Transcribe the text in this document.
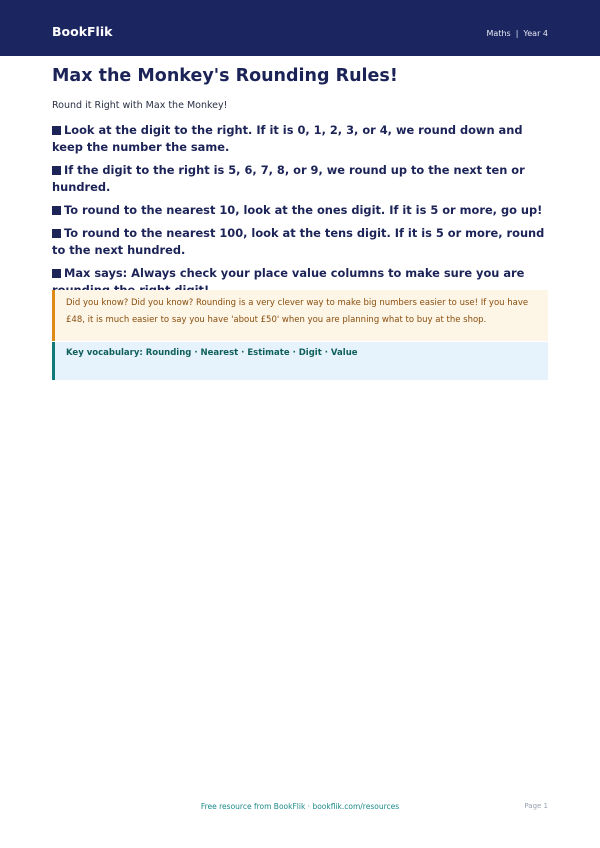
BookFlik	Maths | Year 4
Max the Monkey's Rounding Rules!

Round it Right with Max the Monkey!

Look at the digit to the right. If it is 0, 1, 2, 3, or 4, we round down and keep the number the same.
If the digit to the right is 5, 6, 7, 8, or 9, we round up to the next ten or hundred.
To round to the nearest 10, look at the ones digit. If it is 5 or more, go up!
To round to the nearest 100, look at the tens digit. If it is 5 or more, round to the next hundred.
Max says: Always check your place value columns to make sure you are
Did you know? Did you know? Rounding is a very clever way to make big numbers easier to use! If you have £48, it is much easier to say you have 'about £50' when you are planning what to buy at the shop.
Key vocabulary: Rounding · Nearest · Estimate · Digit · Value
Free resource from BookFlik · bookflik.com/resources	Page 1
